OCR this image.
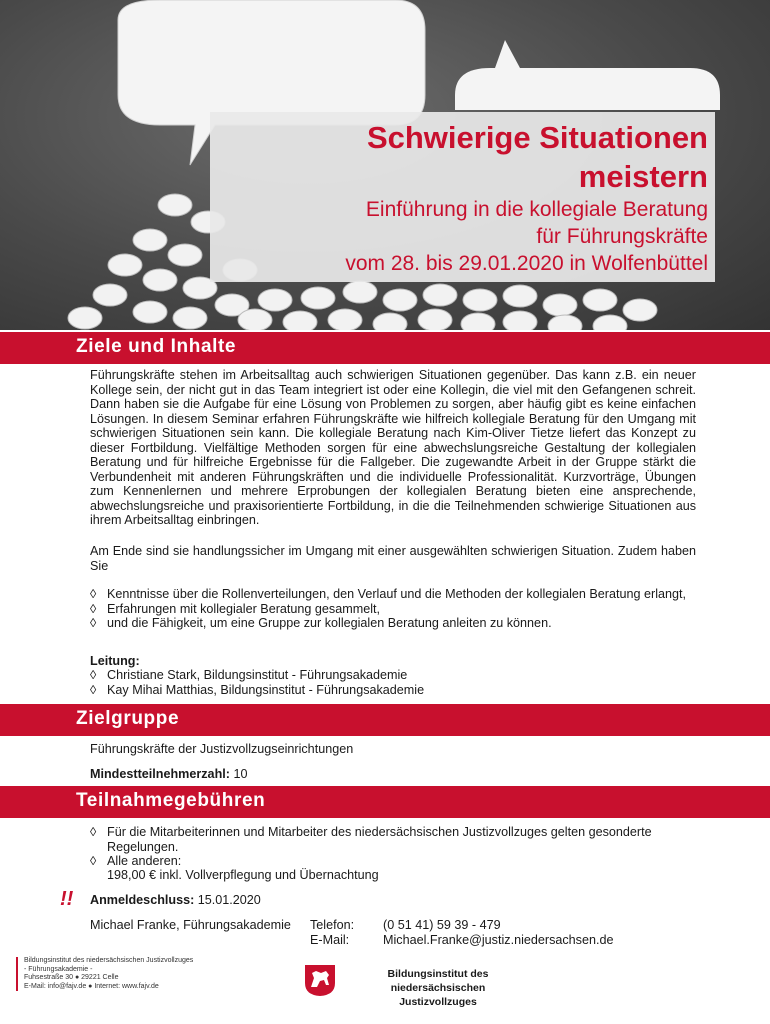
Schwierige Situationen
meistern
Einführung in die kollegiale Beratung
für Führungskräfte
vom 28. bis 29.01.2020 in Wolfenbüttel
Ziele und Inhalte

Führungskräfte stehen im Arbeitsalltag auch schwierigen Situationen gegenüber. Das kann z.B. ein neuer Kollege sein, der nicht gut in das Team integriert ist oder eine Kollegin, die viel mit den Gefangenen schreit. Dann haben sie die Aufgabe für eine Lösung von Problemen zu sorgen, aber häufig gibt es keine einfachen Lösungen. In diesem Seminar erfahren Führungskräfte wie hilfreich kollegiale Beratung für den Umgang mit schwierigen Situationen sein kann. Die kollegiale Beratung nach Kim-Oliver Tietze liefert das Konzept zu dieser Fortbildung. Vielfältige Methoden sorgen für eine abwechslungsreiche Gestaltung der kollegialen Beratung und für hilfreiche Ergebnisse für die Fallgeber. Die zugewandte Arbeit in der Gruppe stärkt die Verbundenheit mit anderen Führungskräften und die individuelle Professionalität. Kurzvorträge, Übungen zum Kennenlernen und mehrere Erprobungen der kollegialen Beratung bieten eine ansprechende, abwechslungsreiche und praxisorientierte Fortbildung, in die die Teilnehmenden schwierige Situationen aus ihrem Arbeitsalltag einbringen.

Am Ende sind sie handlungssicher im Umgang mit einer ausgewählten schwierigen Situation. Zudem haben Sie

◊ Kenntnisse über die Rollenverteilungen, den Verlauf und die Methoden der kollegialen Beratung erlangt,
◊ Erfahrungen mit kollegialer Beratung gesammelt,
◊ und die Fähigkeit, um eine Gruppe zur kollegialen Beratung anleiten zu können.
Leitung:
◊ Christiane Stark, Bildungsinstitut - Führungsakademie
◊ Kay Mihai Matthias, Bildungsinstitut - Führungsakademie
Zielgruppe
Führungskräfte der Justizvollzugseinrichtungen
Mindestteilnehmerzahl: 10
Teilnahmegebühren
◊ Für die Mitarbeiterinnen und Mitarbeiter des niedersächsischen Justizvollzuges gelten gesonderte Regelungen.
◊ Alle anderen:
198,00 € inkl. Vollverpflegung und Übernachtung
!! Anmeldeschluss: 15.01.2020
Michael Franke, Führungsakademie Telefon:
E-Mail:
(0 51 41) 59 39 - 479
Michael.Franke@justiz.niedersachsen.de
Bildungsinstitut des niedersächsischen Justizvollzuges
- Führungsakademie -
Fuhsestraße 30 ● 29221 Celle
E-Mail: info@fajv.de ● Internet: www.fajv.de
Bildungsinstitut des
niedersächsischen Justizvollzuges
